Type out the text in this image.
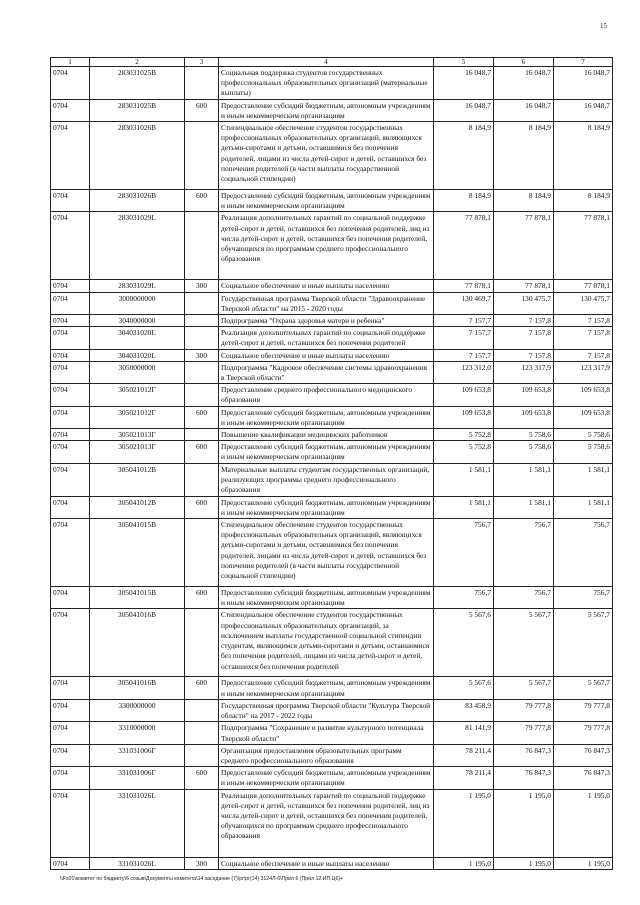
15
1	2	3	4	5	6	7
0704	283031025В		Социальная поддержка студентов государственных профессиональных образовательных организаций (материальные выплаты)	16 048,7	16 048,7	16 048,7
0704	283031025В	600	Предоставление субсидий бюджетным, автономным учреждениям и иным некоммерческим организациям	16 048,7	16 048,7	16 048,7
0704	283031026В		Стипендиальное обеспечение студентов государственных профессиональных образовательных организаций, являющихся детьми-сиротами и детьми, оставшимися без попечения родителей, лицами из числа детей-сирот и детей, оставшихся без попечения родителей (в части выплаты государственной социальной стипендии)	8 184,9	8 184,9	8 184,9
0704	283031026В	600	Предоставление субсидий бюджетным, автономным учреждениям и иным некоммерческим организациям	8 184,9	8 184,9	8 184,9
0704	283031029L		Реализация дополнительных гарантий по социальной поддержке детей-сирот и детей, оставшихся без попечения родителей, лиц из числа детей-сирот и детей, оставшихся без попечения родителей, обучающихся по программам среднего профессионального образования	77 878,1	77 878,1	77 878,1
0704	283031029L	300	Социальное обеспечение и иные выплаты населению	77 878,1	77 878,1	77 878,1
0704	3000000000		Государственная программа Тверской области "Здравоохранение Тверской области" на 2015 - 2020 годы	130 469,7	130 475,7	130 475,7
0704	3040000000		Подпрограмма "Охрана здоровья матери и ребенка"	7 157,7	7 157,8	7 157,8
0704	304031020L		Реализация дополнительных гарантий по социальной поддержке детей-сирот и детей, оставшихся без попечения родителей	7 157,7	7 157,8	7 157,8
0704	304031020L	300	Социальное обеспечение и иные выплаты населению	7 157,7	7 157,8	7 157,8
0704	3050000000		Подпрограмма "Кадровое обеспечение системы здравоохранения в Тверской области"	123 312,0	123 317,9	123 317,9
0704	305021012Г		Предоставление среднего профессионального медицинского образования	109 653,8	109 653,8	109 653,8
0704	305021012Г	600	Предоставление субсидий бюджетным, автономным учреждениям и иным некоммерческим организациям	109 653,8	109 653,8	109 653,8
0704	305021013Г		Повышение квалификации медицинских работников	5 752,8	5 758,6	5 758,6
0704	305021013Г	600	Предоставление субсидий бюджетным, автономным учреждениям и иным некоммерческим организациям	5 752,8	5 758,6	5 758,6
0704	305041012В		Материальные выплаты студентам государственных организаций, реализующих программы среднего профессионального образования	1 581,1	1 581,1	1 581,1
0704	305041012В	600	Предоставление субсидий бюджетным, автономным учреждениям и иным некоммерческим организациям	1 581,1	1 581,1	1 581,1
0704	305041015В		Стипендиальное обеспечение студентов государственных профессиональных образовательных организаций, являющихся детьми-сиротами и детьми, оставшимися без попечения родителей, лицами из числа детей-сирот и детей, оставшихся без попечения родителей (в части выплаты государственной социальной стипендии)	756,7	756,7	756,7
0704	305041015В	600	Предоставление субсидий бюджетным, автономным учреждениям и иным некоммерческим организациям	756,7	756,7	756,7
0704	305041016В		Стипендиальное обеспечение студентов государственных профессиональных образовательных организаций, за исключением выплаты государственной социальной стипендии студентам, являющимся детьми-сиротами и детьми, оставшимися без попечения родителей, лицами из числа детей-сирот и детей, оставшихся без попечения родителей	5 567,6	5 567,7	5 567,7
0704	305041016В	600	Предоставление субсидий бюджетным, автономным учреждениям и иным некоммерческим организациям	5 567,6	5 567,7	5 567,7
0704	3300000000		Государственная программа Тверской области "Культура Тверской области" на 2017 - 2022 годы	83 458,9	79 777,8	79 777,8
0704	3310000000		Подпрограмма "Сохранение и развитие культурного потенциала Тверской области"	81 141,9	79 777,8	79 777,8
0704	331031006Г		Организация предоставления образовательных программ среднего профессионального образования	78 211,4	76 847,3	76 847,3
0704	331031006Г	600	Предоставление субсидий бюджетным, автономным учреждениям и иным некоммерческим организациям	78 211,4	76 847,3	76 847,3
0704	331031026L		Реализация дополнительных гарантий по социальной поддержке детей-сирот и детей, оставшихся без попечения родителей, лиц из числа детей-сирот и детей, оставшихся без попечения родителей, обучающихся по программам среднего профессионального образования	1 195,0	1 195,0	1 195,0
0704	331031026L	300	Социальное обеспечение и иные выплаты населению	1 195,0	1 195,0	1 195,0
\\Fs01\комитет по бюджету\6 созыв\Документы комитета\14 заседание (7)\pr\pr(14) 3124Л-6\Прил 6 (Прил 12 ИП.Ц6)+
